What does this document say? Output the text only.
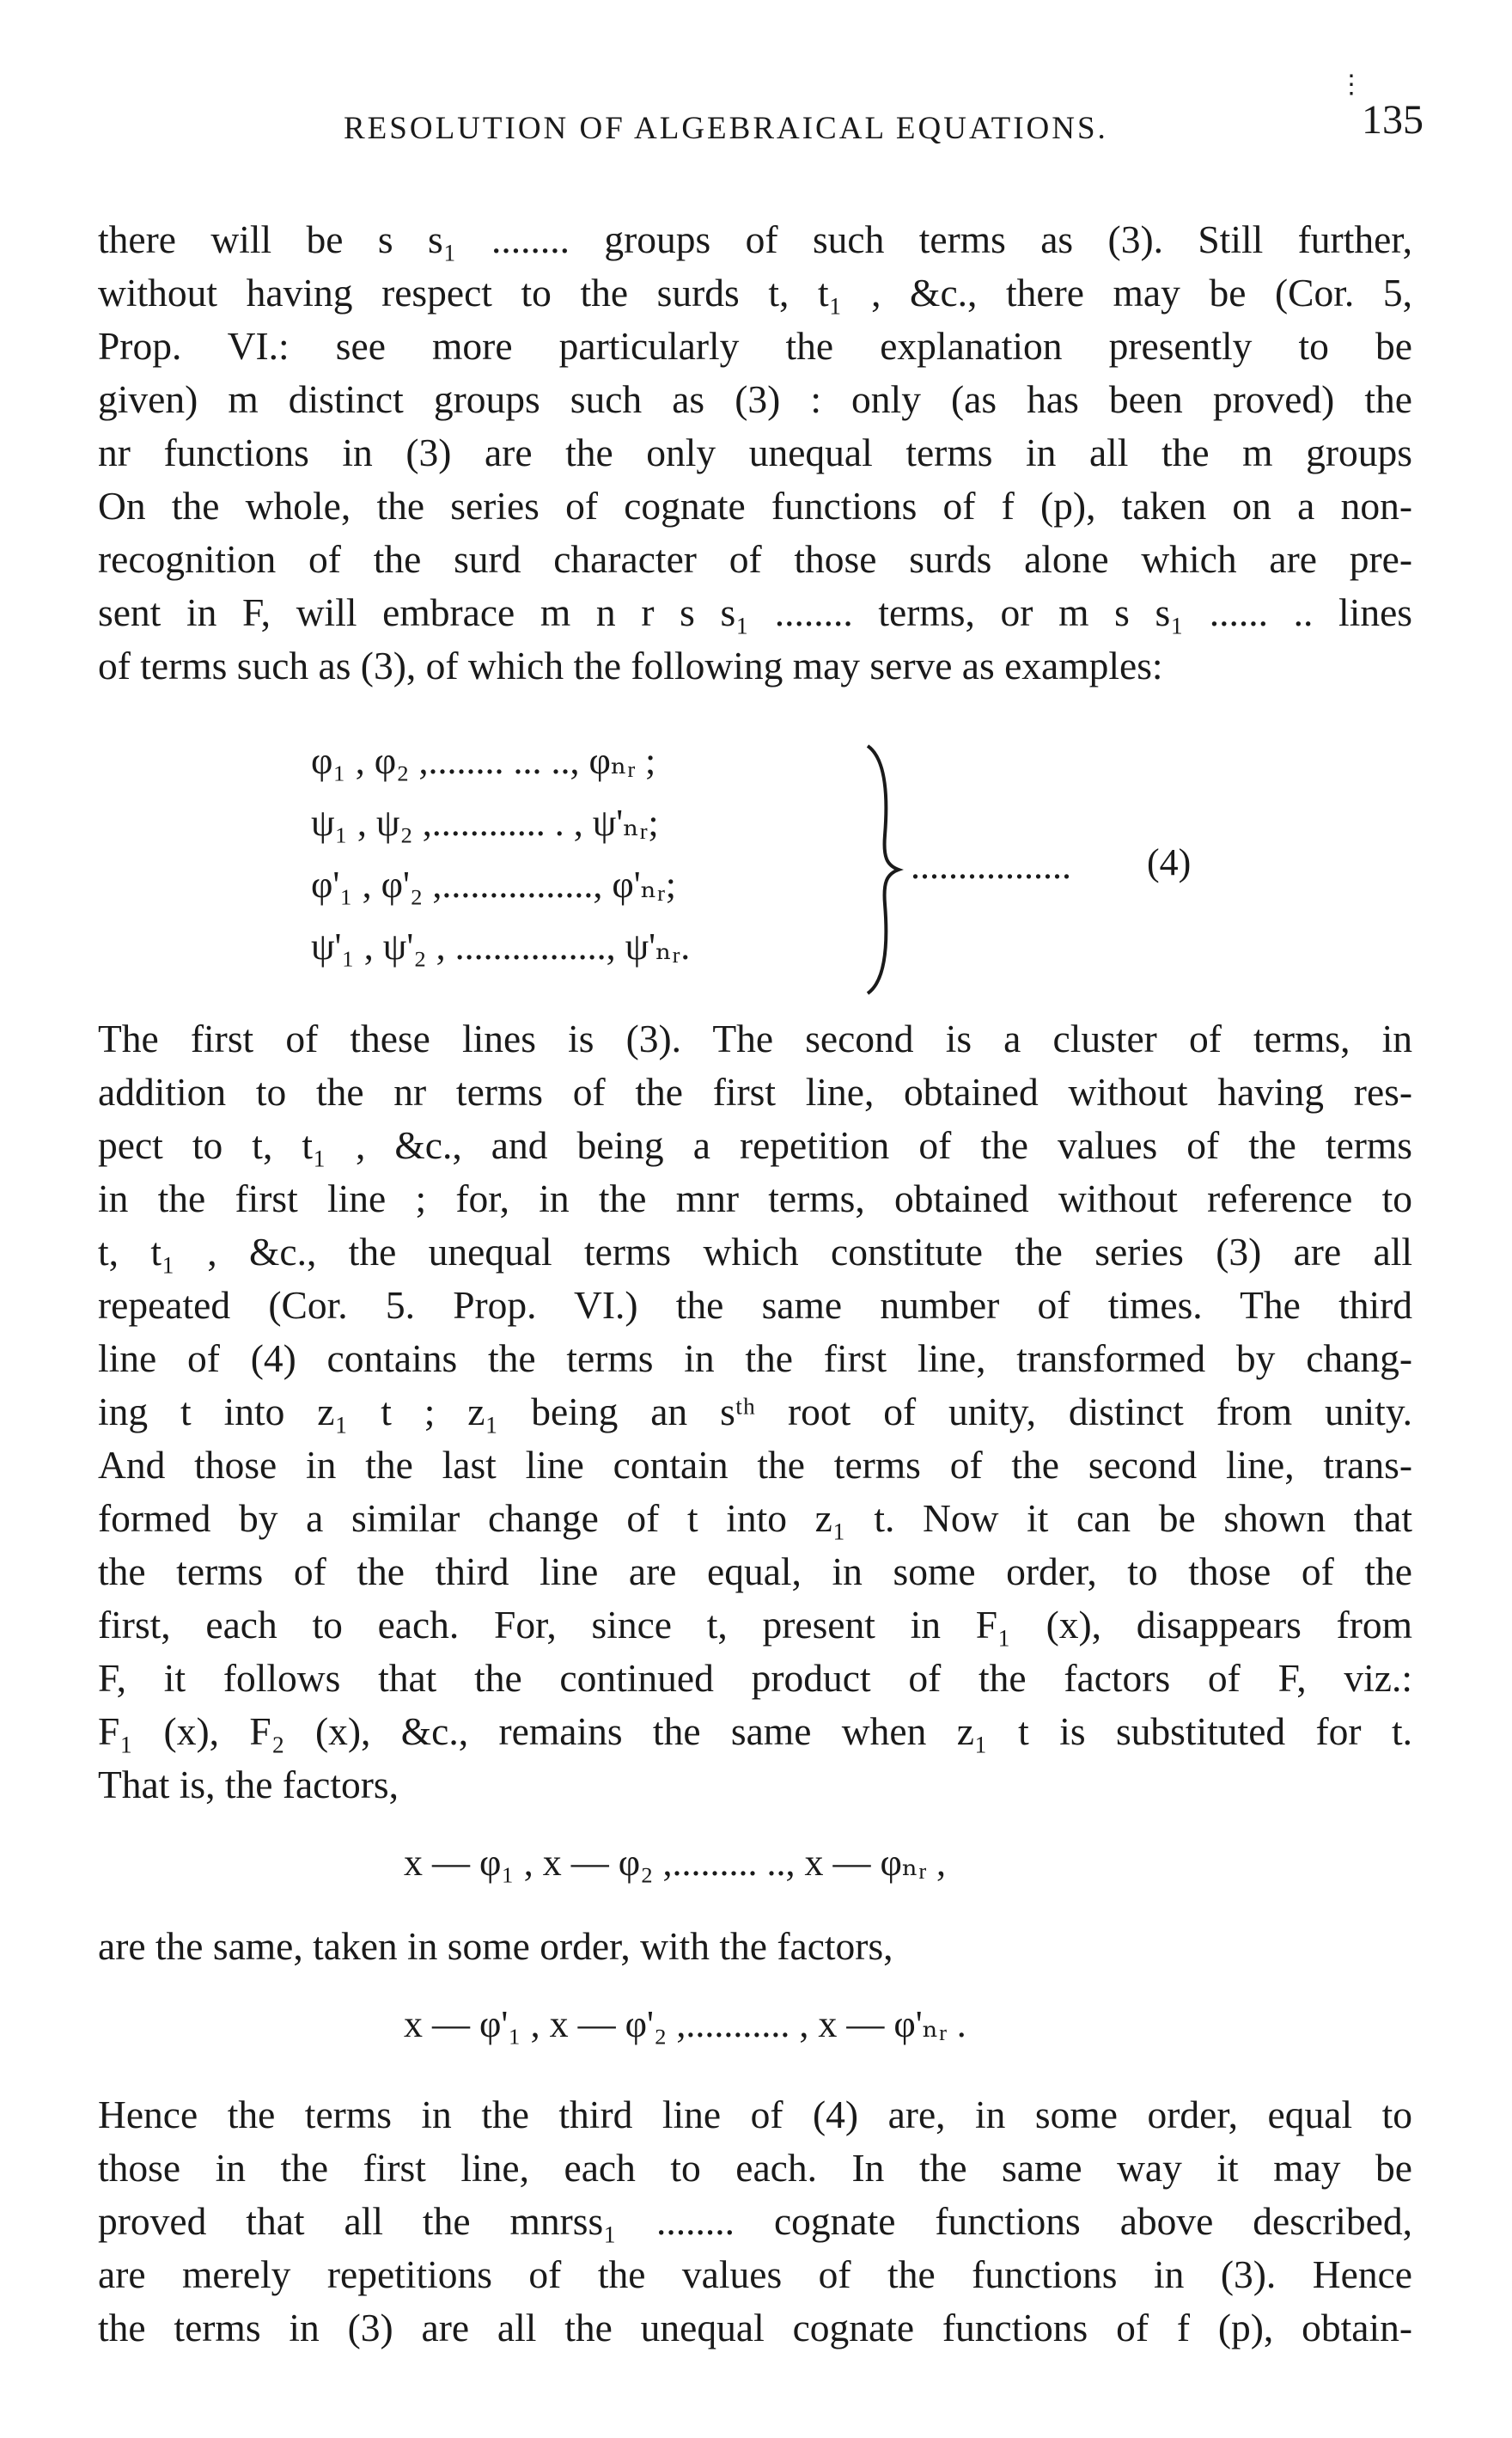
⋮
RESOLUTION OF ALGEBRAICAL EQUATIONS.	135
there will be s s₁ ........ groups of such terms as (3). Still further,
without having respect to the surds t, t₁ , &c., there may be (Cor. 5,
Prop. VI.: see more particularly the explanation presently to be
given) m distinct groups such as (3) : only (as has been proved) the
nr functions in (3) are the only unequal terms in all the m groups
On the whole, the series of cognate functions of f (p), taken on a non-
recognition of the surd character of those surds alone which are pre-
sent in F, will embrace m n r s s₁ ........ terms, or m s s₁ ...... .. lines
of terms such as (3), of which the following may serve as examples:
φ₁ , φ₂ ,........ ... .., φₙᵣ ;
ψ₁ , ψ₂ ,............ . , ψ'ₙᵣ;
φ'₁ , φ'₂ ,................, φ'ₙᵣ;
ψ'₁ , ψ'₂ , ................, ψ'ₙᵣ.
................. (4)
The first of these lines is (3). The second is a cluster of terms, in
addition to the nr terms of the first line, obtained without having res-
pect to t, t₁ , &c., and being a repetition of the values of the terms
in the first line ; for, in the mnr terms, obtained without reference to
t, t₁ , &c., the unequal terms which constitute the series (3) are all
repeated (Cor. 5. Prop. VI.) the same number of times. The third
line of (4) contains the terms in the first line, transformed by chang-
ing t into z₁ t ; z₁ being an sᵗʰ root of unity, distinct from unity.
And those in the last line contain the terms of the second line, trans-
formed by a similar change of t into z₁ t. Now it can be shown that
the terms of the third line are equal, in some order, to those of the
first, each to each. For, since t, present in F₁ (x), disappears from
F, it follows that the continued product of the factors of F, viz.:
F₁ (x), F₂ (x), &c., remains the same when z₁ t is substituted for t.
That is, the factors,
x — φ₁ , x — φ₂ ,......... .., x — φₙᵣ ,
are the same, taken in some order, with the factors,
x — φ'₁ , x — φ'₂ ,........... , x — φ'ₙᵣ .
Hence the terms in the third line of (4) are, in some order, equal to
those in the first line, each to each. In the same way it may be
proved that all the mnrss₁ ........ cognate functions above described,
are merely repetitions of the values of the functions in (3). Hence
the terms in (3) are all the unequal cognate functions of f (p), obtain-
